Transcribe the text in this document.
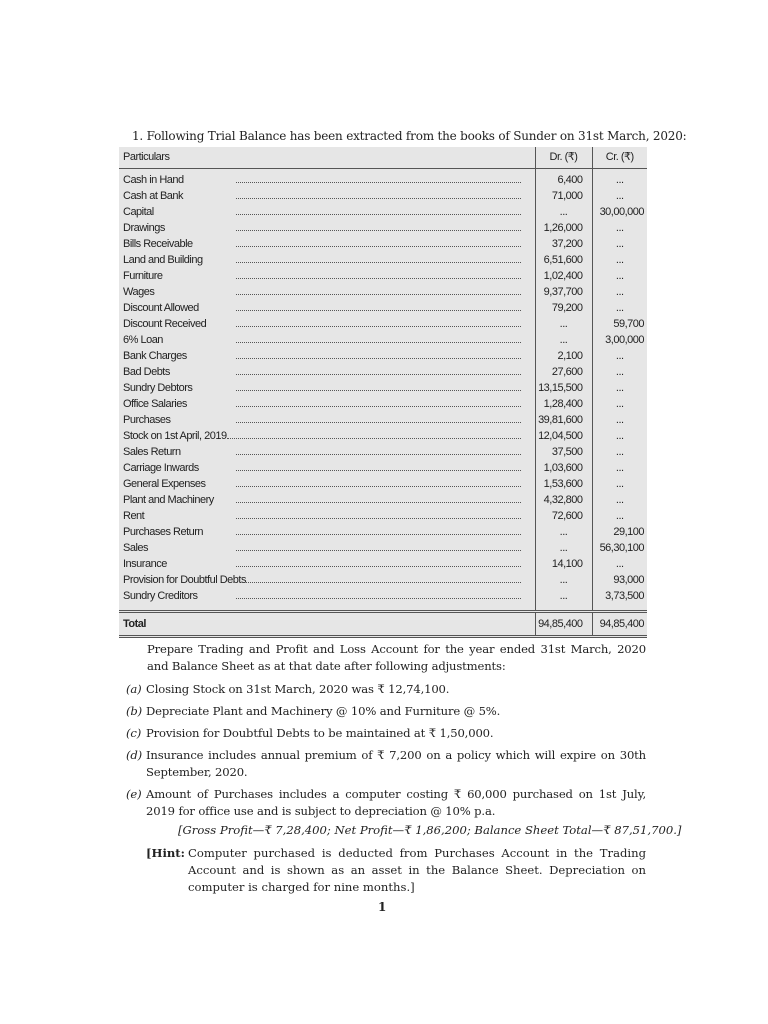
1. Following Trial Balance has been extracted from the books of Sunder on 31st March, 2020:
Particulars	Dr. (₹)	Cr. (₹)

Cash in Hand	6,400	...

Cash at Bank	71,000	...

Capital	...	30,00,000

Drawings	1,26,000	...

Bills Receivable	37,200	...

Land and Building	6,51,600	...

Furniture	1,02,400	...

Wages	9,37,700	...

Discount Allowed	79,200	...

Discount Received	...	59,700

6% Loan	...	3,00,000

Bank Charges	2,100	...

Bad Debts	27,600	...

Sundry Debtors	13,15,500	...

Office Salaries	1,28,400	...

Purchases	39,81,600	...

Stock on 1st April, 2019	12,04,500	...

Sales Return	37,500	...

Carriage Inwards	1,03,600	...

General Expenses	1,53,600	...

Plant and Machinery	4,32,800	...

Rent	72,600	...

Purchases Return	...	29,100

Sales	...	56,30,100

Insurance	14,100	...

Provision for Doubtful Debts	...	93,000

Sundry Creditors	...	3,73,500

Total	94,85,400	94,85,400
Prepare Trading and Profit and Loss Account for the year ended 31st March, 2020 and Balance Sheet as at that date after following adjustments:
(a) Closing Stock on 31st March, 2020 was ₹ 12,74,100.
(b) Depreciate Plant and Machinery @ 10% and Furniture @ 5%.
(c) Provision for Doubtful Debts to be maintained at ₹ 1,50,000.
(d) Insurance includes annual premium of ₹ 7,200 on a policy which will expire on 30th September, 2020.
(e) Amount of Purchases includes a computer costing ₹ 60,000 purchased on 1st July, 2019 for office use and is subject to depreciation @ 10% p.a.
[Gross Profit—₹ 7,28,400; Net Profit—₹ 1,86,200; Balance Sheet Total—₹ 87,51,700.]
[Hint: Computer purchased is deducted from Purchases Account in the Trading Account and is shown as an asset in the Balance Sheet. Depreciation on computer is charged for nine months.]
1
